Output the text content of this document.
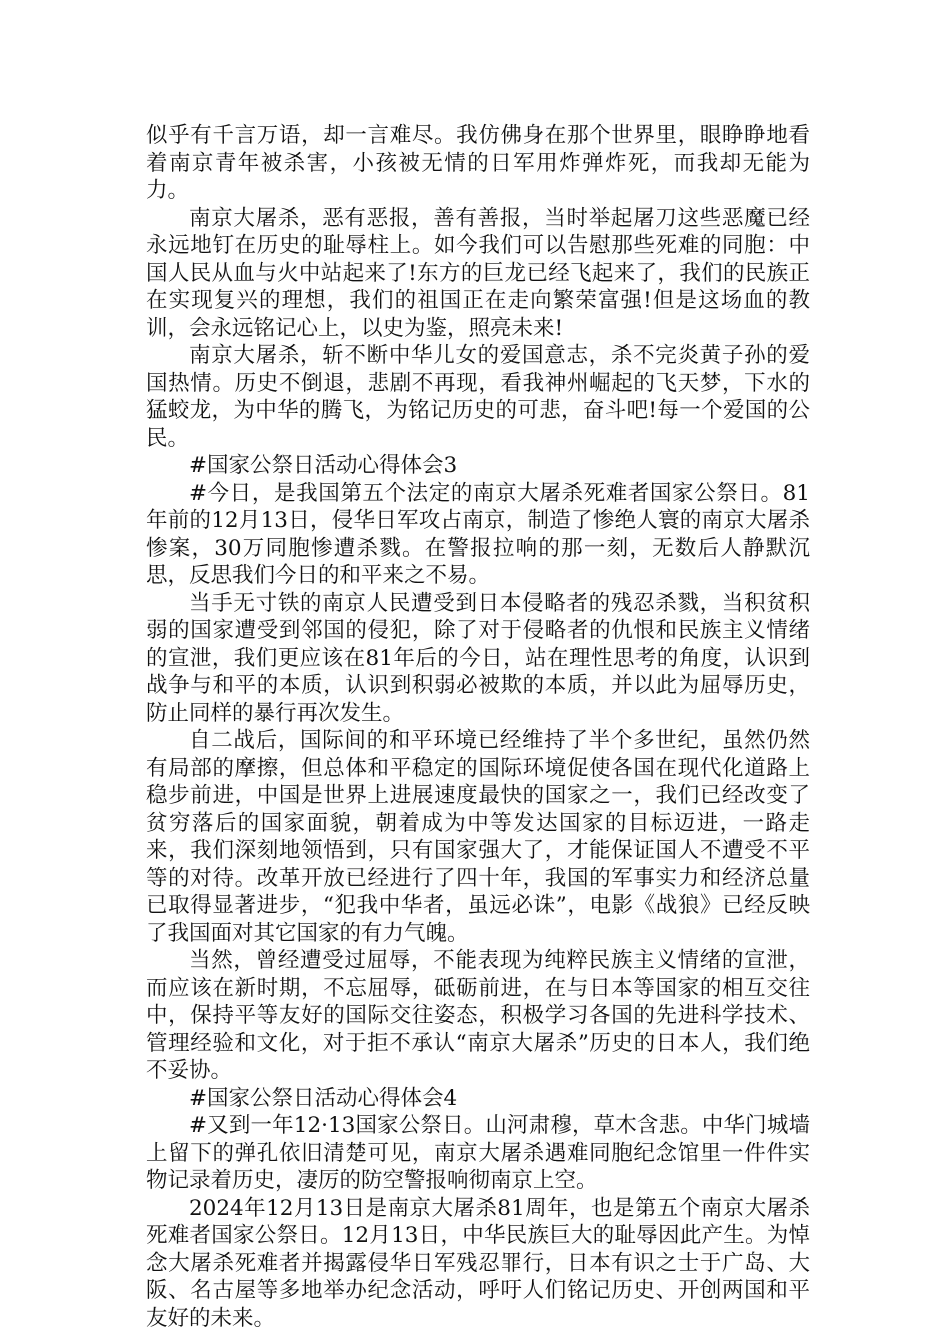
似乎有千言万语，却一言难尽。我仿佛身在那个世界里，眼睁睁地看着南京青年被杀害，小孩被无情的日军用炸弹炸死，而我却无能为力。

南京大屠杀，恶有恶报，善有善报，当时举起屠刀这些恶魔已经永远地钉在历史的耻辱柱上。如今我们可以告慰那些死难的同胞：中国人民从血与火中站起来了!东方的巨龙已经飞起来了，我们的民族正在实现复兴的理想，我们的祖国正在走向繁荣富强!但是这场血的教训，会永远铭记心上，以史为鉴，照亮未来!

南京大屠杀，斩不断中华儿女的爱国意志，杀不完炎黄子孙的爱国热情。历史不倒退，悲剧不再现，看我神州崛起的飞天梦，下水的猛蛟龙，为中华的腾飞，为铭记历史的可悲，奋斗吧!每一个爱国的公民。

#国家公祭日活动心得体会3

#今日，是我国第五个法定的南京大屠杀死难者国家公祭日。81年前的12月13日，侵华日军攻占南京，制造了惨绝人寰的南京大屠杀惨案，30万同胞惨遭杀戮。在警报拉响的那一刻，无数后人静默沉思，反思我们今日的和平来之不易。

当手无寸铁的南京人民遭受到日本侵略者的残忍杀戮，当积贫积弱的国家遭受到邻国的侵犯，除了对于侵略者的仇恨和民族主义情绪的宣泄，我们更应该在81年后的今日，站在理性思考的角度，认识到战争与和平的本质，认识到积弱必被欺的本质，并以此为屈辱历史，防止同样的暴行再次发生。

自二战后，国际间的和平环境已经维持了半个多世纪，虽然仍然有局部的摩擦，但总体和平稳定的国际环境促使各国在现代化道路上稳步前进，中国是世界上进展速度最快的国家之一，我们已经改变了贫穷落后的国家面貌，朝着成为中等发达国家的目标迈进，一路走来，我们深刻地领悟到，只有国家强大了，才能保证国人不遭受不平等的对待。改革开放已经进行了四十年，我国的军事实力和经济总量已取得显著进步，“犯我中华者，虽远必诛”，电影《战狼》已经反映了我国面对其它国家的有力气魄。

当然，曾经遭受过屈辱，不能表现为纯粹民族主义情绪的宣泄，而应该在新时期，不忘屈辱，砥砺前进，在与日本等国家的相互交往中，保持平等友好的国际交往姿态，积极学习各国的先进科学技术、管理经验和文化，对于拒不承认“南京大屠杀”历史的日本人，我们绝不妥协。

#国家公祭日活动心得体会4

#又到一年12·13国家公祭日。山河肃穆，草木含悲。中华门城墙上留下的弹孔依旧清楚可见，南京大屠杀遇难同胞纪念馆里一件件实物记录着历史，凄厉的防空警报响彻南京上空。

2024年12月13日是南京大屠杀81周年，也是第五个南京大屠杀死难者国家公祭日。12月13日，中华民族巨大的耻辱因此产生。为悼念大屠杀死难者并揭露侵华日军残忍罪行，日本有识之士于广岛、大阪、名古屋等多地举办纪念活动，呼吁人们铭记历史、开创两国和平友好的未来。
